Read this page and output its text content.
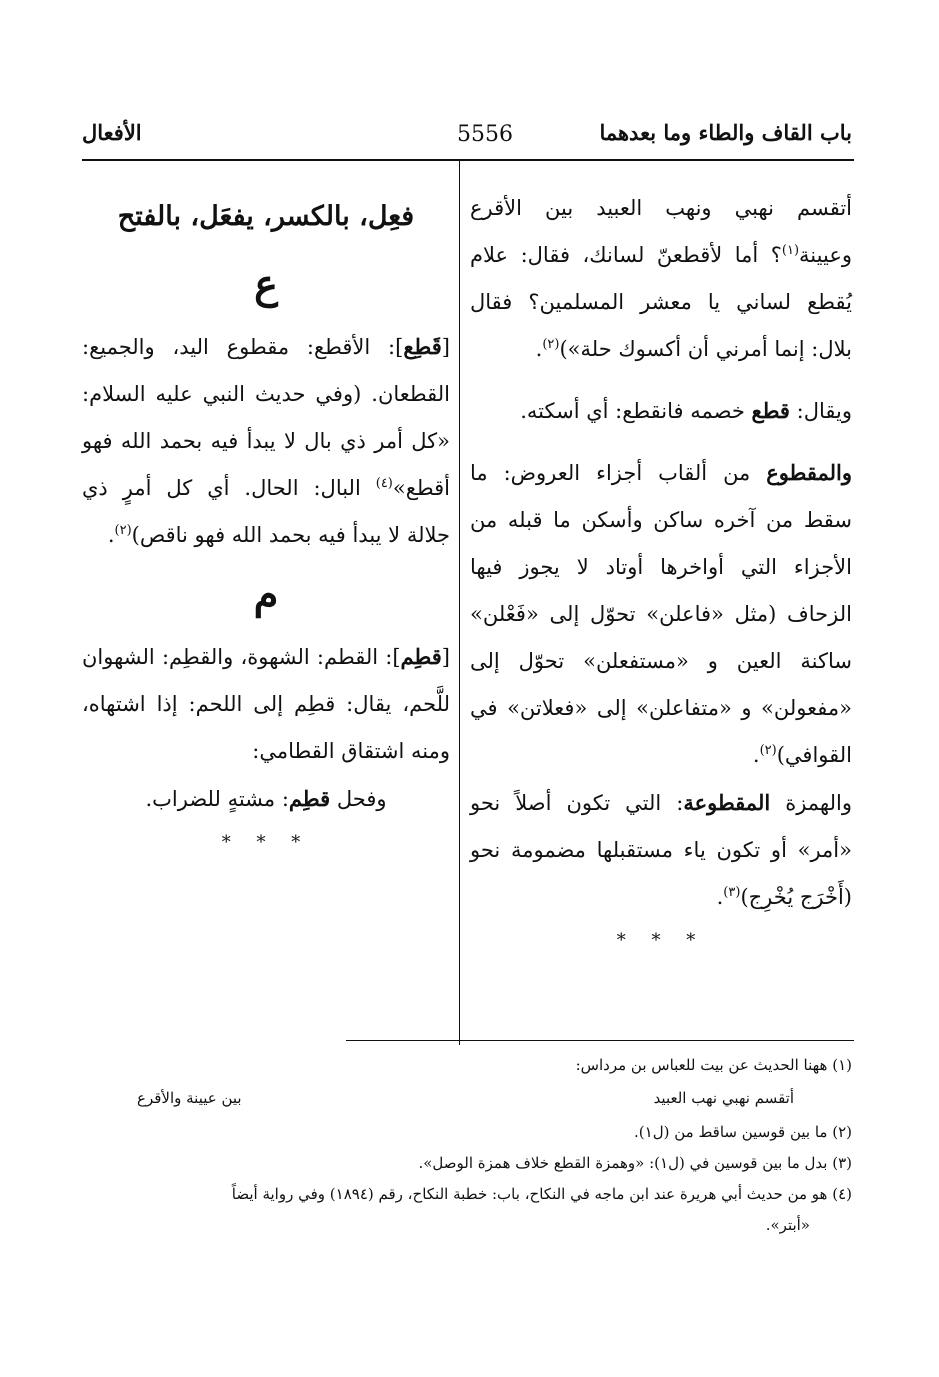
باب القاف والطاء وما بعدهما
5556
الأفعال

أتقسم نهبي ونهب العبيد بين الأقرع وعيينة$^{(١)}$؟ أما لأقطعنّ لسانك، فقال: علام يُقطع لساني يا معشر المسلمين؟ فقال بلال: إنما أمرني أن أكسوك حلة»)$^{(٢)}$.

ويقال: قطع خصمه فانقطع: أي أسكته.

والمقطوع من ألقاب أجزاء العروض: ما سقط من آخره ساكن وأسكن ما قبله من الأجزاء التي أواخرها أوتاد لا يجوز فيها الزحاف (مثل «فاعلن» تحوّل إلى «فَعْلن» ساكنة العين و «مستفعلن» تحوّل إلى «مفعولن» و «متفاعلن» إلى «فعلاتن» في القوافي)$^{(٢)}$.

والهمزة المقطوعة: التي تكون أصلاً نحو «أمر» أو تكون ياء مستقبلها مضمومة نحو (أَخْرَج يُخْرِج)$^{(٣)}$.

* * *
فعِل، بالكسر، يفعَل، بالفتح
ع

[قَطِع]: الأقطع: مقطوع اليد، والجميع: القطعان. (وفي حديث النبي عليه السلام: «كل أمر ذي بال لا يبدأ فيه بحمد الله فهو أقطع»$^{(٤)}$ البال: الحال. أي كل أمرٍ ذي جلالة لا يبدأ فيه بحمد الله فهو ناقص)$^{(٢)}$.

م

[قطِم]: القطم: الشهوة، والقطِم: الشهوان للَّحم، يقال: قطِم إلى اللحم: إذا اشتهاه، ومنه اشتقاق القطامي:

وفحل قطِم: مشتهٍ للضراب.

* * *

(١) ههنا الحديث عن بيت للعباس بن مرداس:

أتقسم نهبي نهب العبيد
بين عيينة والأقرع

(٢) ما بين قوسين ساقط من (ل١).

(٣) بدل ما بين قوسين في (ل١): «وهمزة القطع خلاف همزة الوصل».

(٤) هو من حديث أبي هريرة عند ابن ماجه في النكاح، باب: خطبة النكاح، رقم (١٨٩٤) وفي رواية أيضاً

«أبتر».
